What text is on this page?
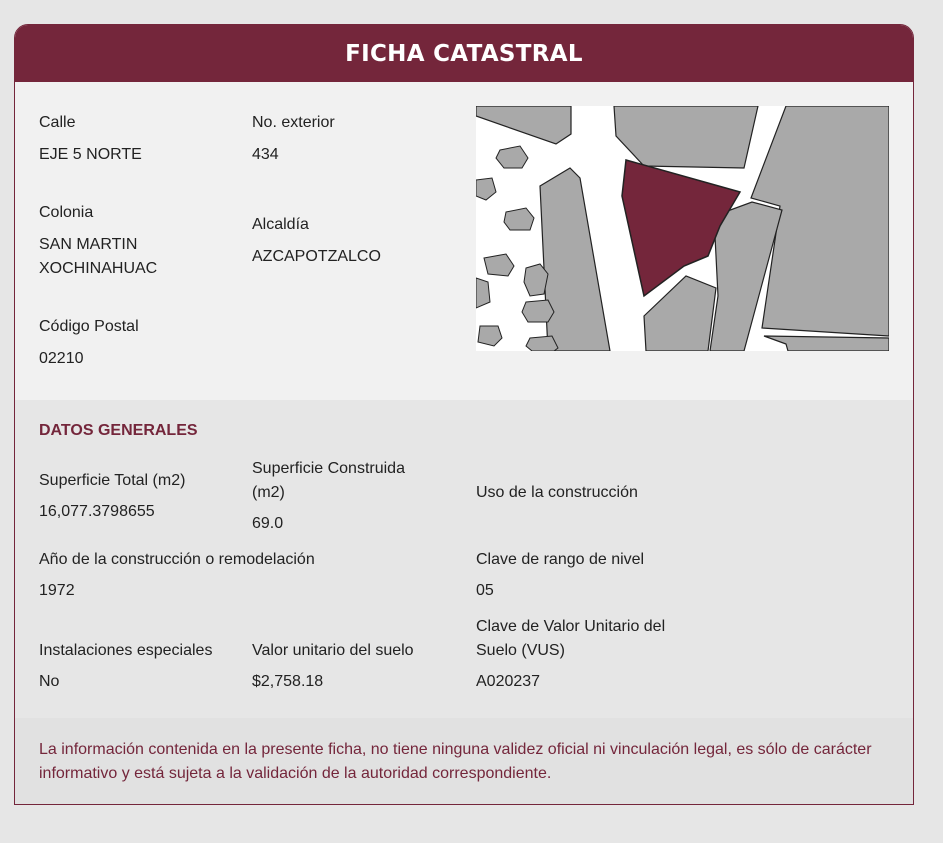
FICHA CATASTRAL
Calle
EJE 5 NORTE
No. exterior
434
Colonia
SAN MARTIN
XOCHINAHUAC
Alcaldía
AZCAPOTZALCO
Código Postal
02210
DATOS GENERALES
Superficie Total (m2)
16,077.3798655
Superficie Construida
(m2)
69.0
Uso de la construcción
Año de la construcción o remodelación
1972
Clave de rango de nivel
05
Instalaciones especiales
No
Valor unitario del suelo
$2,758.18
Clave de Valor Unitario del
Suelo (VUS)
A020237
La información contenida en la presente ficha, no tiene ninguna validez oficial ni vinculación legal, es sólo de carácter informativo y está sujeta a la validación de la autoridad correspondiente.
